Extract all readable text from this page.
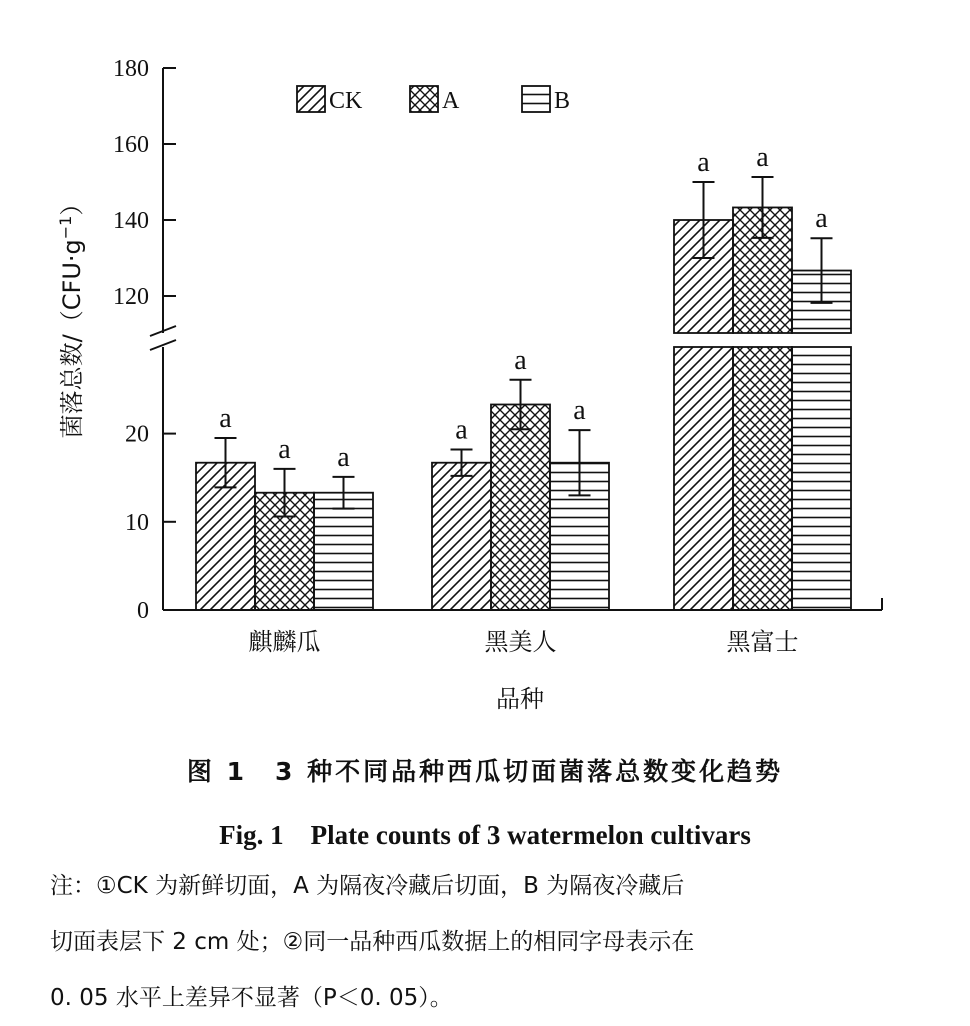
CK	A	B
a	a
a
a
a
a
a
a
a
0
10
20
120
140
160
180
麒麟瓜	黑美人	黑富士
品种
菌落总数$/(CFU\cdot g^{-1})$

图 1　3 种不同品种西瓜切面菌落总数变化趋势

Fig. 1　Plate counts of 3 watermelon cultivars

注：①CK 为新鲜切面，A 为隔夜冷藏后切面，B 为隔夜冷藏后

切面表层下 2 cm 处；②同一品种西瓜数据上的相同字母表示在

0. 05 水平上差异不显著（P＜0. 05）。
